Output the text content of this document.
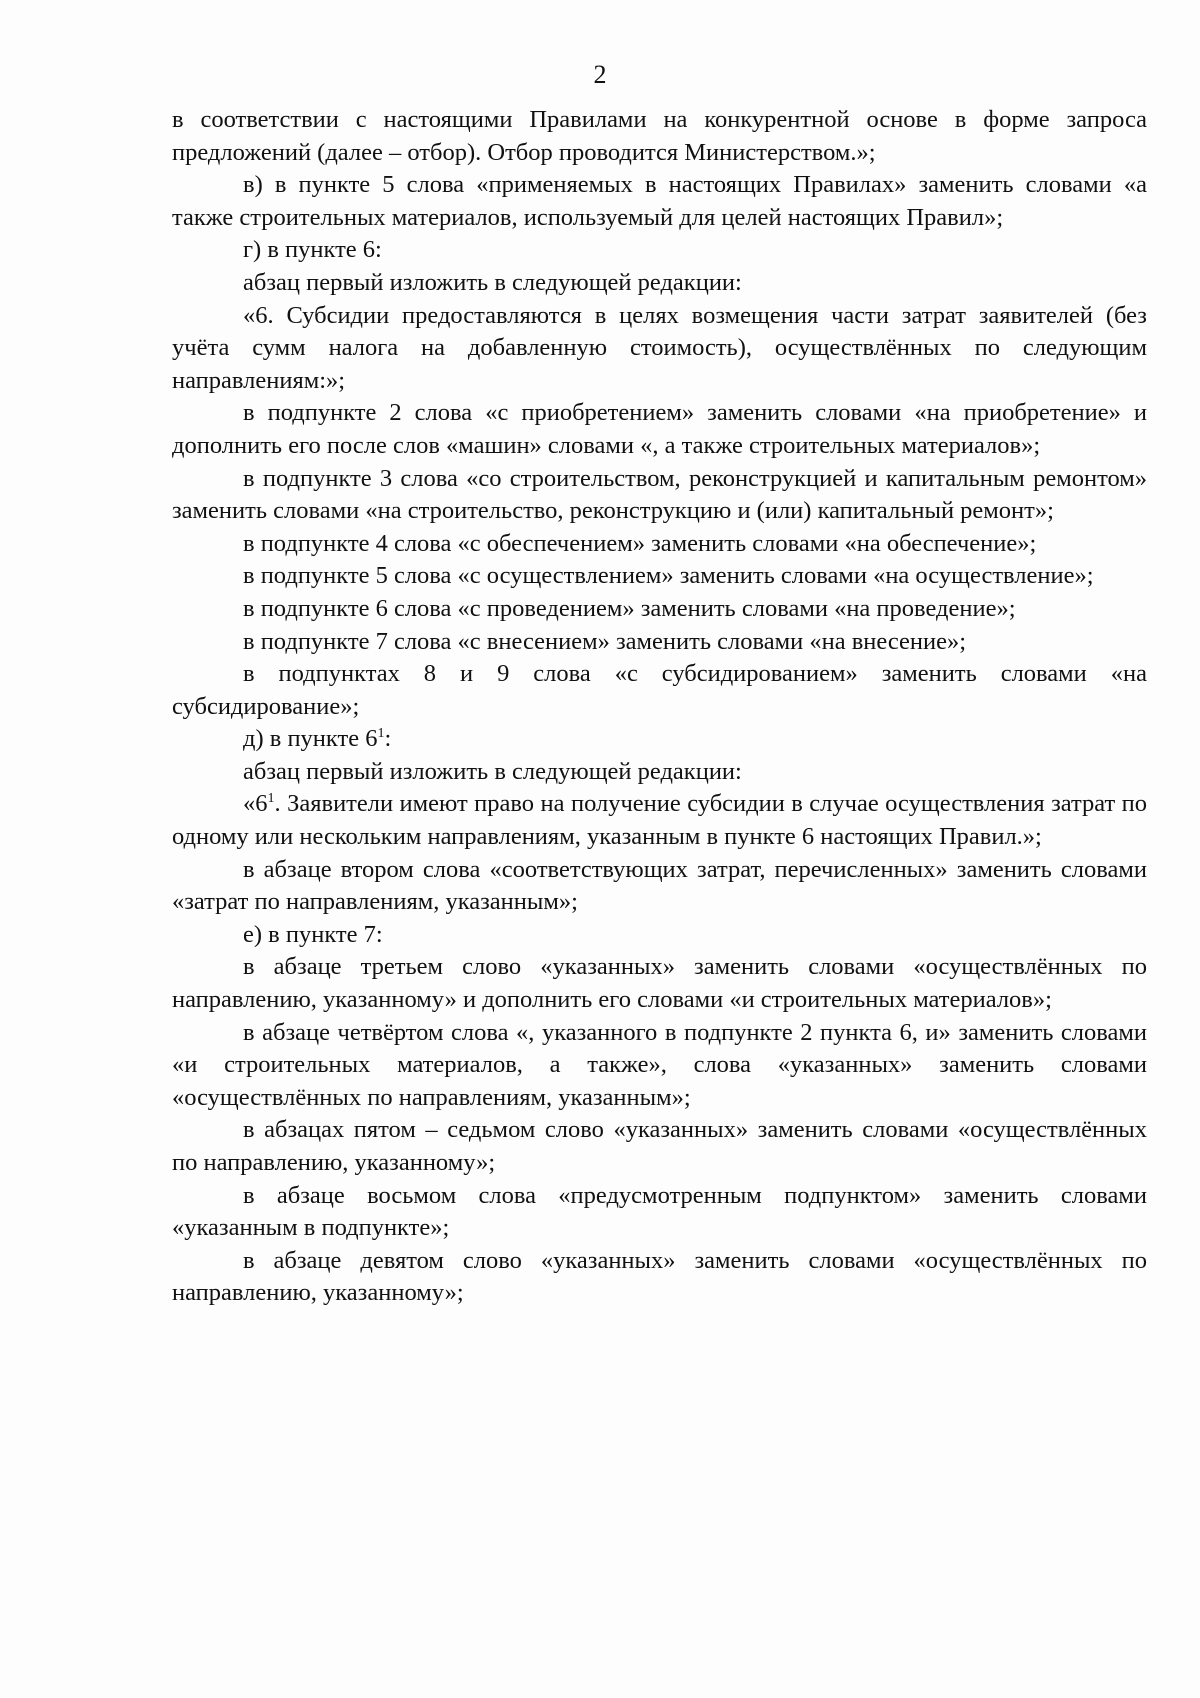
2

в соответствии с настоящими Правилами на конкурентной основе в форме запроса предложений (далее – отбор). Отбор проводится Министерством.»;

в) в пункте 5 слова «применяемых в настоящих Правилах» заменить словами «а также строительных материалов, используемый для целей настоящих Правил»;

г) в пункте 6:

абзац первый изложить в следующей редакции:

«6. Субсидии предоставляются в целях возмещения части затрат заявителей (без учёта сумм налога на добавленную стоимость), осуществлённых по следующим направлениям:»;

в подпункте 2 слова «с приобретением» заменить словами «на приобретение» и дополнить его после слов «машин» словами «, а также строительных материалов»;

в подпункте 3 слова «со строительством, реконструкцией и капитальным ремонтом» заменить словами «на строительство, реконструкцию и (или) капитальный ремонт»;

в подпункте 4 слова «с обеспечением» заменить словами «на обеспечение»;

в подпункте 5 слова «с осуществлением» заменить словами «на осуществление»;

в подпункте 6 слова «с проведением» заменить словами «на проведение»;

в подпункте 7 слова «с внесением» заменить словами «на внесение»;

в подпунктах 8 и 9 слова «с субсидированием» заменить словами «на субсидирование»;

д) в пункте $6^1$:

абзац первый изложить в следующей редакции:

«$6^1$. Заявители имеют право на получение субсидии в случае осуществления затрат по одному или нескольким направлениям, указанным в пункте 6 настоящих Правил.»;

в абзаце втором слова «соответствующих затрат, перечисленных» заменить словами «затрат по направлениям, указанным»;

е) в пункте 7:

в абзаце третьем слово «указанных» заменить словами «осуществлённых по направлению, указанному» и дополнить его словами «и строительных материалов»;

в абзаце четвёртом слова «, указанного в подпункте 2 пункта 6, и» заменить словами «и строительных материалов, а также», слова «указанных» заменить словами «осуществлённых по направлениям, указанным»;

в абзацах пятом – седьмом слово «указанных» заменить словами «осуществлённых по направлению, указанному»;

в абзаце восьмом слова «предусмотренным подпунктом» заменить словами «указанным в подпункте»;

в абзаце девятом слово «указанных» заменить словами «осуществлённых по направлению, указанному»;
